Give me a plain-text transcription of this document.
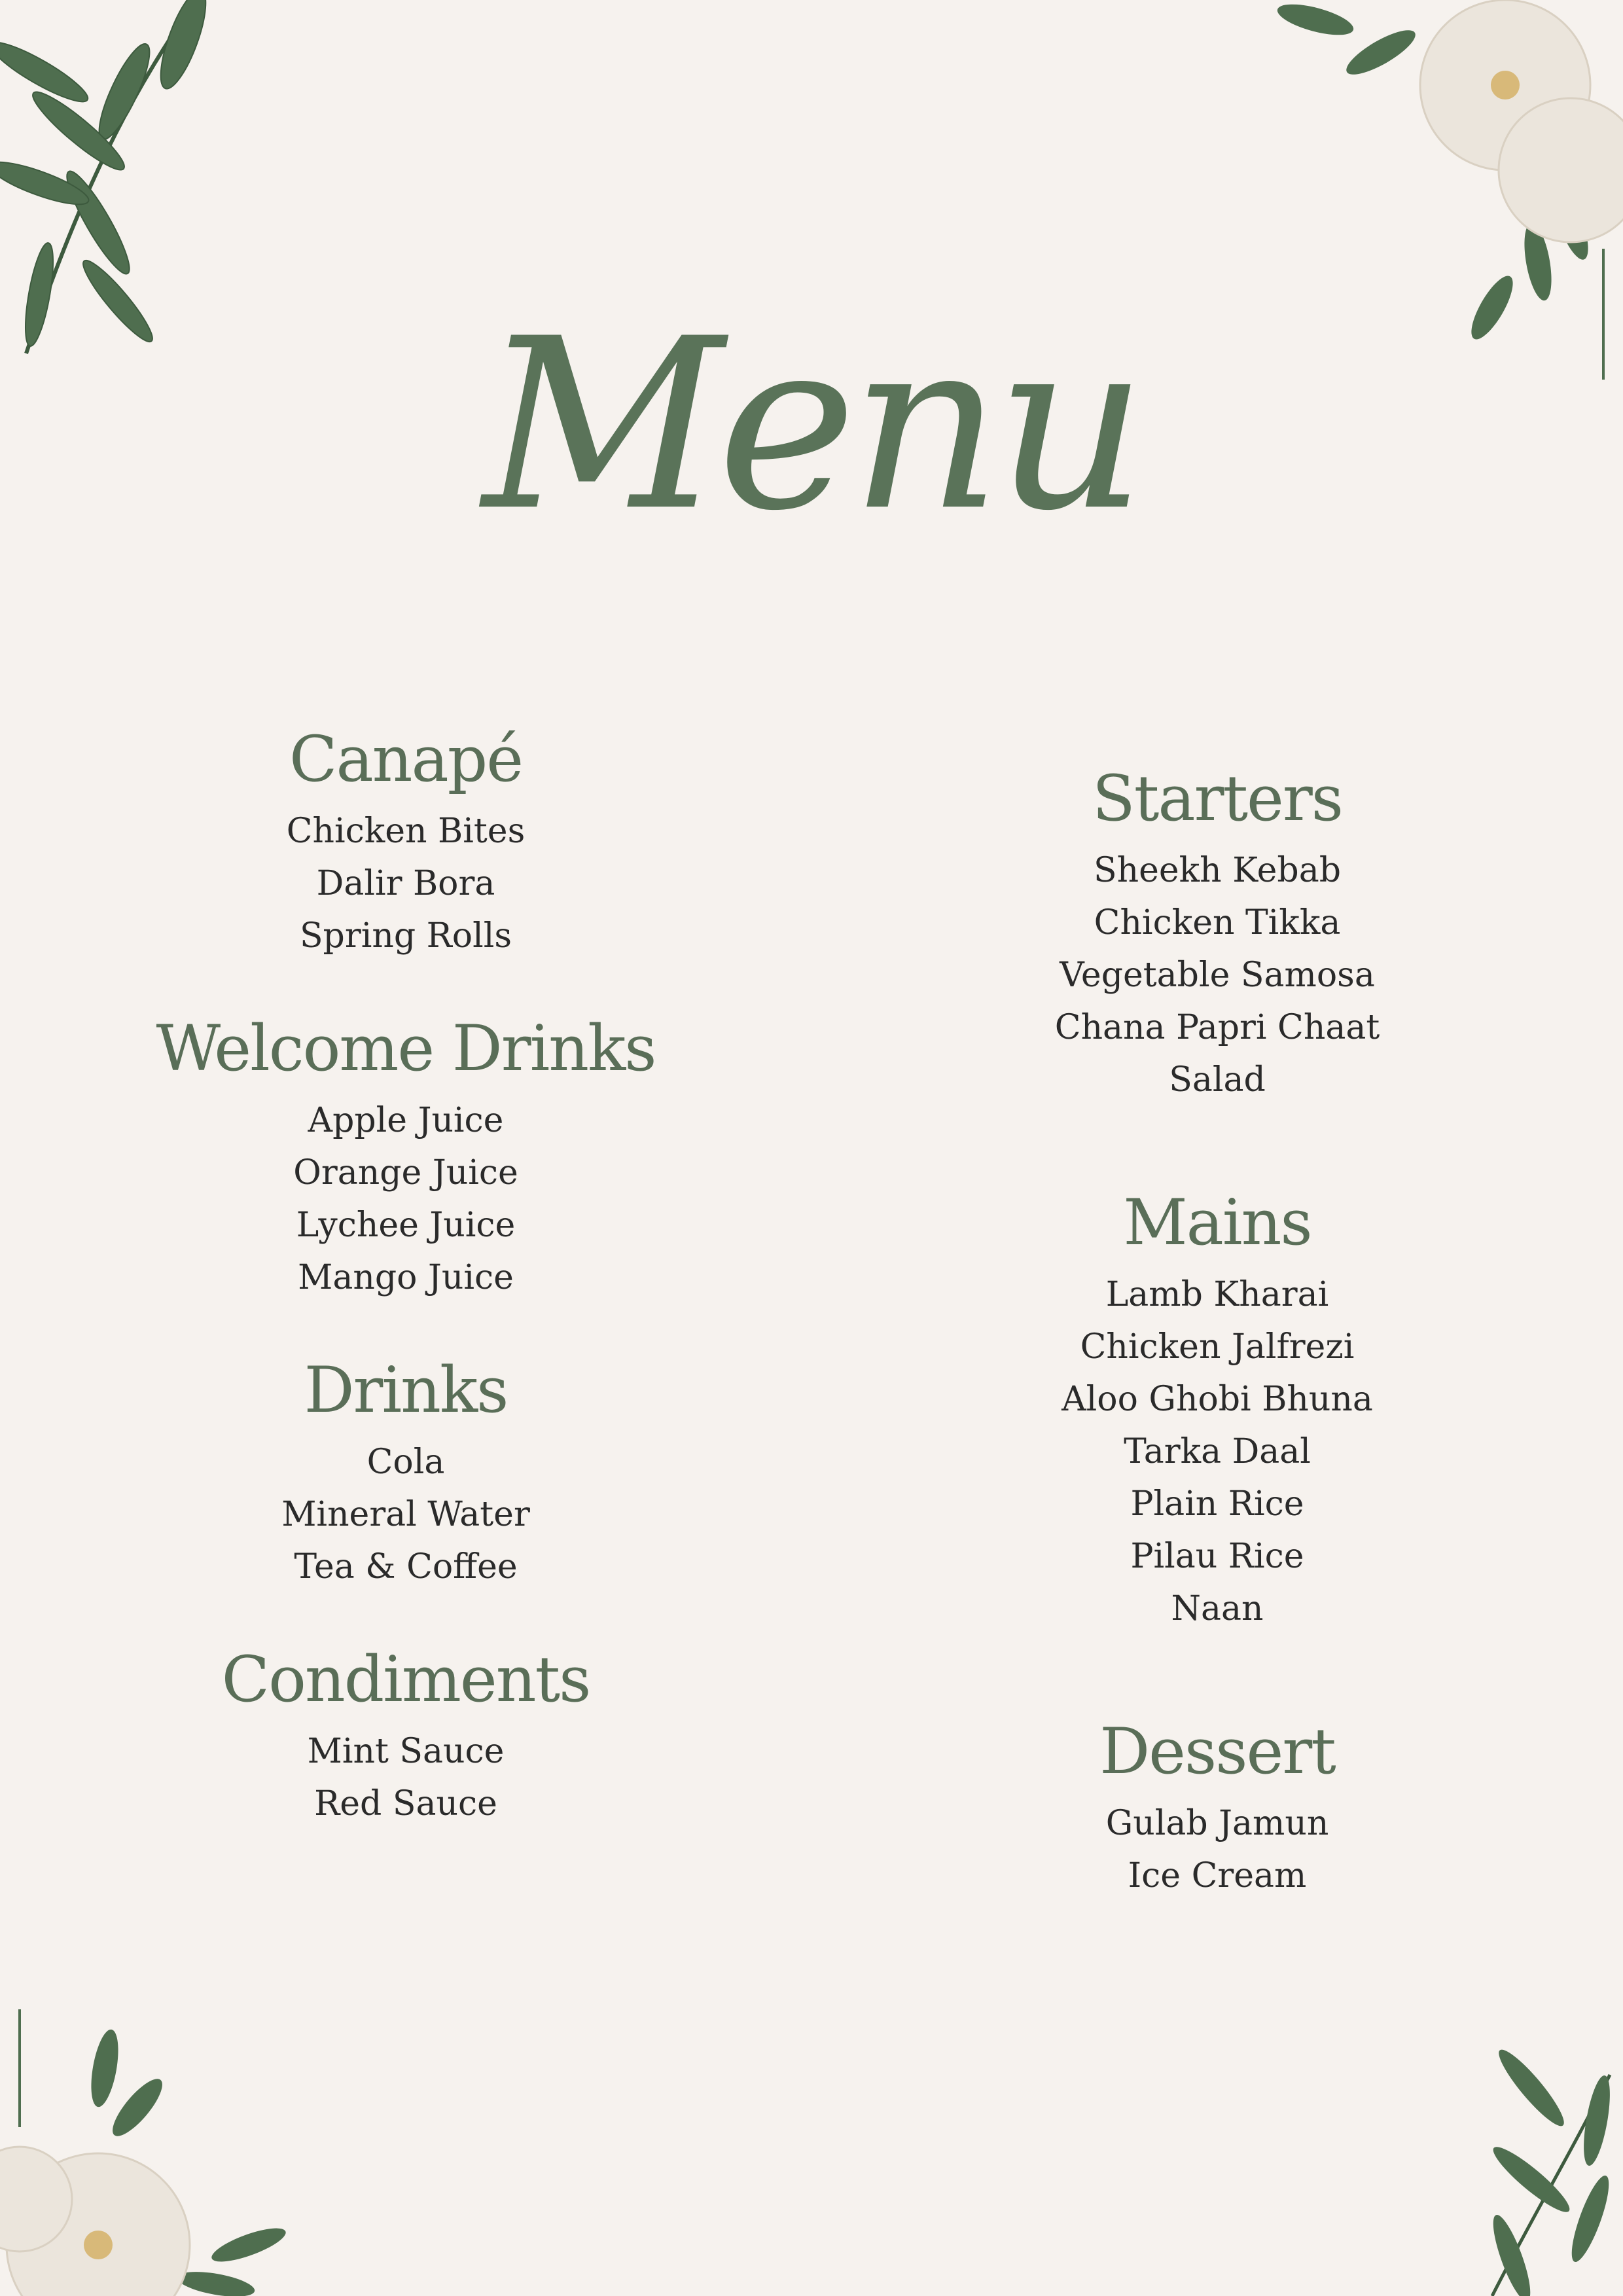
Menu
Canapé
Chicken Bites
Dalir Bora
Spring Rolls
Welcome Drinks
Apple Juice
Orange Juice
Lychee Juice
Mango Juice
Drinks
Cola
Mineral Water
Tea & Coffee
Condiments
Mint Sauce
Red Sauce
Starters
Sheekh Kebab
Chicken Tikka
Vegetable Samosa
Chana Papri Chaat
Salad
Mains
Lamb Kharai
Chicken Jalfrezi
Aloo Ghobi Bhuna
Tarka Daal
Plain Rice
Pilau Rice
Naan
Dessert
Gulab Jamun
Ice Cream
